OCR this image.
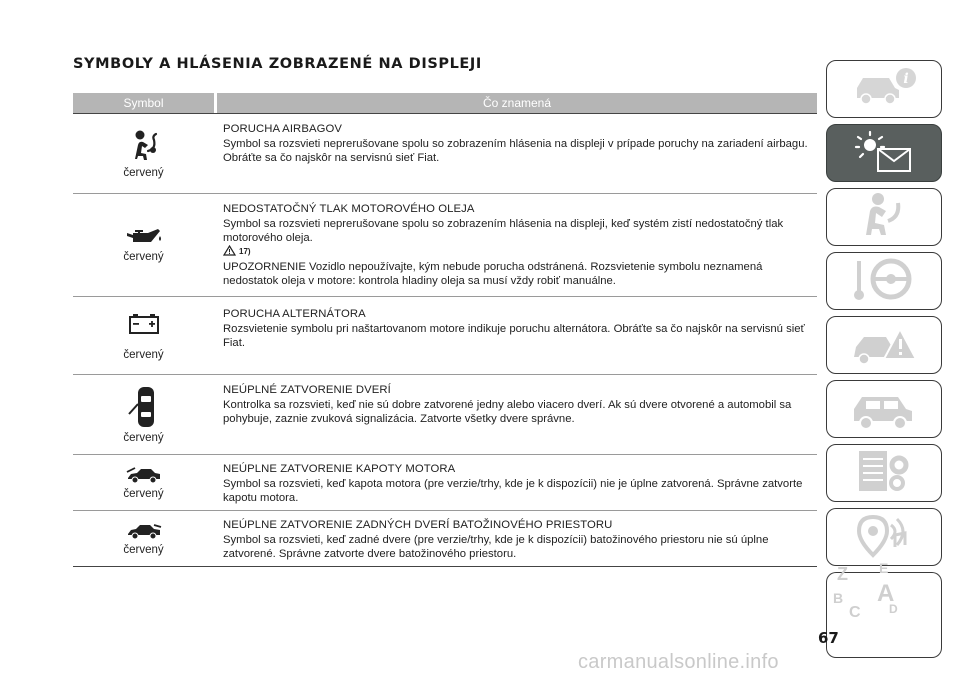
SYMBOLY A HLÁSENIA ZOBRAZENÉ NA DISPLEJI
Symbol	Čo znamená
červený
PORUCHA AIRBAGOV
Symbol sa rozsvieti neprerušovane spolu so zobrazením hlásenia na displeji v prípade poruchy na zariadení airbagu. Obráťte sa čo najskôr na servisnú sieť Fiat.
červený
NEDOSTATOČNÝ TLAK MOTOROVÉHO OLEJA
Symbol sa rozsvieti neprerušovane spolu so zobrazením hlásenia na displeji, keď systém zistí nedostatočný tlak motorového oleja.
17)
UPOZORNENIE Vozidlo nepoužívajte, kým nebude porucha odstránená. Rozsvietenie symbolu neznamená nedostatok oleja v motore: kontrola hladiny oleja sa musí vždy robiť manuálne.
červený
PORUCHA ALTERNÁTORA
Rozsvietenie symbolu pri naštartovanom motore indikuje poruchu alternátora. Obráťte sa čo najskôr na servisnú sieť Fiat.
červený
NEÚPLNÉ ZATVORENIE DVERÍ
Kontrolka sa rozsvieti, keď nie sú dobre zatvorené jedny alebo viacero dverí. Ak sú dvere otvorené a automobil sa pohybuje, zaznie zvuková signalizácia. Zatvorte všetky dvere správne.
červený
NEÚPLNE ZATVORENIE KAPOTY MOTORA
Symbol sa rozsvieti, keď kapota motora (pre verzie/trhy, kde je k dispozícii) nie je úplne zatvorená. Správne zatvorte kapotu motora.
červený
NEÚPLNE ZATVORENIE ZADNÝCH DVERÍ BATOŽINOVÉHO PRIESTORU
Symbol sa rozsvieti, keď zadné dvere (pre verzie/trhy, kde je k dispozícii) batožinového priestoru nie sú úplne zatvorené. Správne zatvorte dvere batožinového priestoru.
i
Z E
B A
C D
67
carmanualsonline.info
